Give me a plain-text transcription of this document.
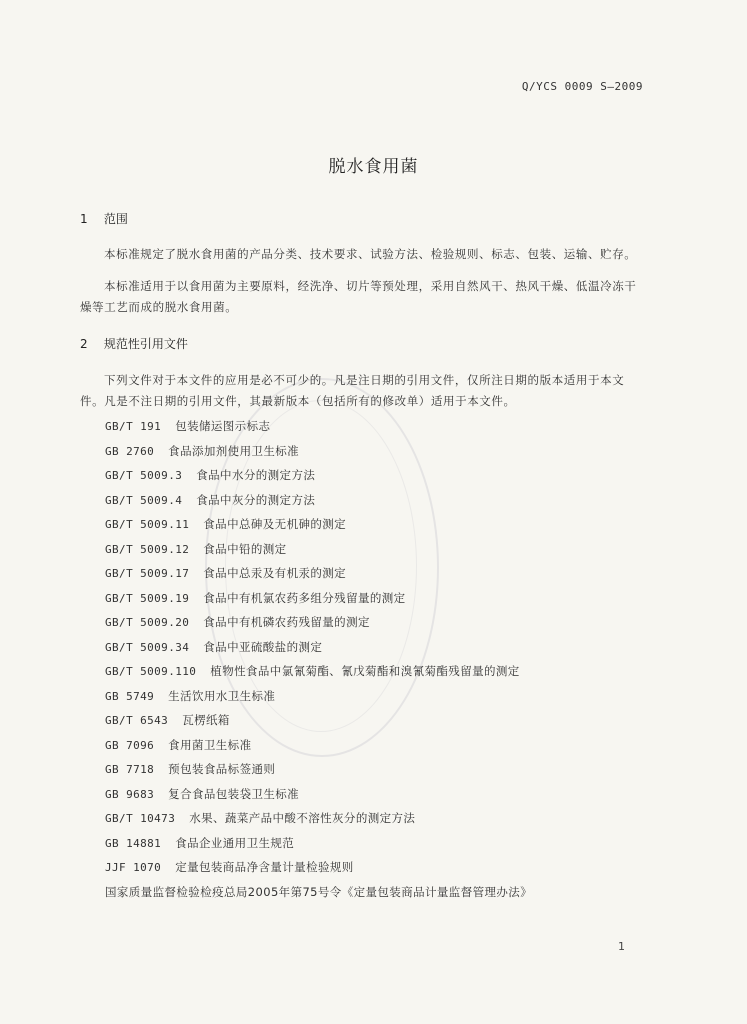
Q/YCS 0009 S—2009
脱水食用菌
1 范围
本标准规定了脱水食用菌的产品分类、技术要求、试验方法、检验规则、标志、包装、运输、贮存。
本标准适用于以食用菌为主要原料，经洗净、切片等预处理，采用自然风干、热风干燥、低温冷冻干燥等工艺而成的脱水食用菌。
2 规范性引用文件
下列文件对于本文件的应用是必不可少的。凡是注日期的引用文件，仅所注日期的版本适用于本文件。凡是不注日期的引用文件，其最新版本（包括所有的修改单）适用于本文件。
GB/T 191 包装储运图示标志
GB 2760 食品添加剂使用卫生标准
GB/T 5009.3 食品中水分的测定方法
GB/T 5009.4 食品中灰分的测定方法
GB/T 5009.11 食品中总砷及无机砷的测定
GB/T 5009.12 食品中铅的测定
GB/T 5009.17 食品中总汞及有机汞的测定
GB/T 5009.19 食品中有机氯农药多组分残留量的测定
GB/T 5009.20 食品中有机磷农药残留量的测定
GB/T 5009.34 食品中亚硫酸盐的测定
GB/T 5009.110 植物性食品中氯氰菊酯、氰戊菊酯和溴氰菊酯残留量的测定
GB 5749 生活饮用水卫生标准
GB/T 6543 瓦楞纸箱
GB 7096 食用菌卫生标准
GB 7718 预包装食品标签通则
GB 9683 复合食品包装袋卫生标准
GB/T 10473 水果、蔬菜产品中酸不溶性灰分的测定方法
GB 14881 食品企业通用卫生规范
JJF 1070 定量包装商品净含量计量检验规则
国家质量监督检验检疫总局2005年第75号令《定量包装商品计量监督管理办法》
1
